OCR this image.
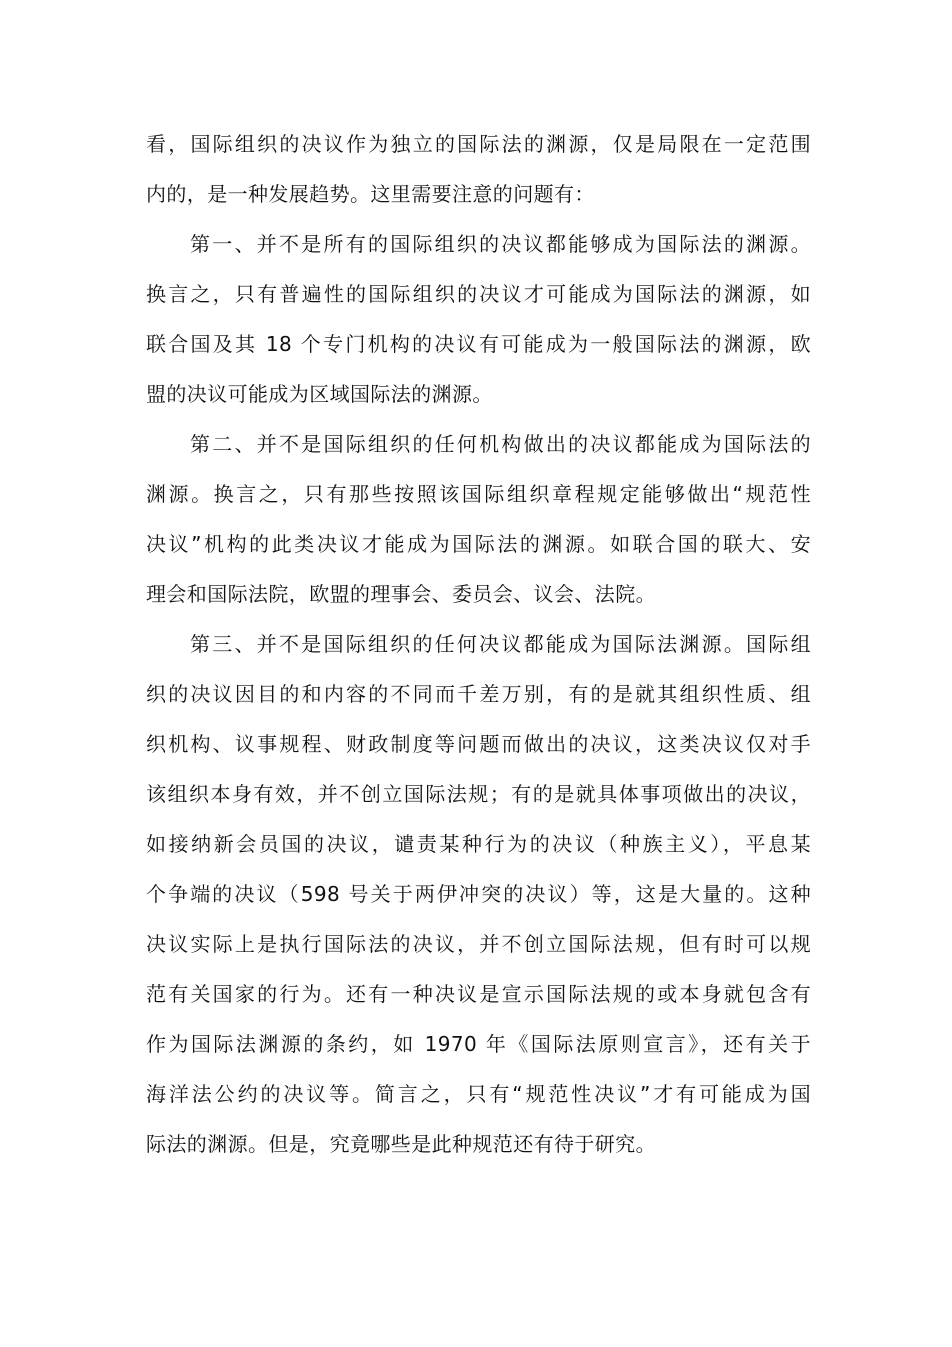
看，国际组织的决议作为独立的国际法的渊源，仅是局限在一定范围
内的，是一种发展趋势。这里需要注意的问题有：
第一、并不是所有的国际组织的决议都能够成为国际法的渊源。
换言之，只有普遍性的国际组织的决议才可能成为国际法的渊源，如
联合国及其 18 个专门机构的决议有可能成为一般国际法的渊源，欧
盟的决议可能成为区域国际法的渊源。
第二、并不是国际组织的任何机构做出的决议都能成为国际法的
渊源。换言之，只有那些按照该国际组织章程规定能够做出“规范性
决议”机构的此类决议才能成为国际法的渊源。如联合国的联大、安
理会和国际法院，欧盟的理事会、委员会、议会、法院。
第三、并不是国际组织的任何决议都能成为国际法渊源。国际组
织的决议因目的和内容的不同而千差万别，有的是就其组织性质、组
织机构、议事规程、财政制度等问题而做出的决议，这类决议仅对手
该组织本身有效，并不创立国际法规；有的是就具体事项做出的决议，
如接纳新会员国的决议，谴责某种行为的决议（种族主义），平息某
个争端的决议（598 号关于两伊冲突的决议）等，这是大量的。这种
决议实际上是执行国际法的决议，并不创立国际法规，但有时可以规
范有关国家的行为。还有一种决议是宣示国际法规的或本身就包含有
作为国际法渊源的条约，如 1970 年《国际法原则宣言》，还有关于
海洋法公约的决议等。简言之，只有“规范性决议”才有可能成为国
际法的渊源。但是，究竟哪些是此种规范还有待于研究。
